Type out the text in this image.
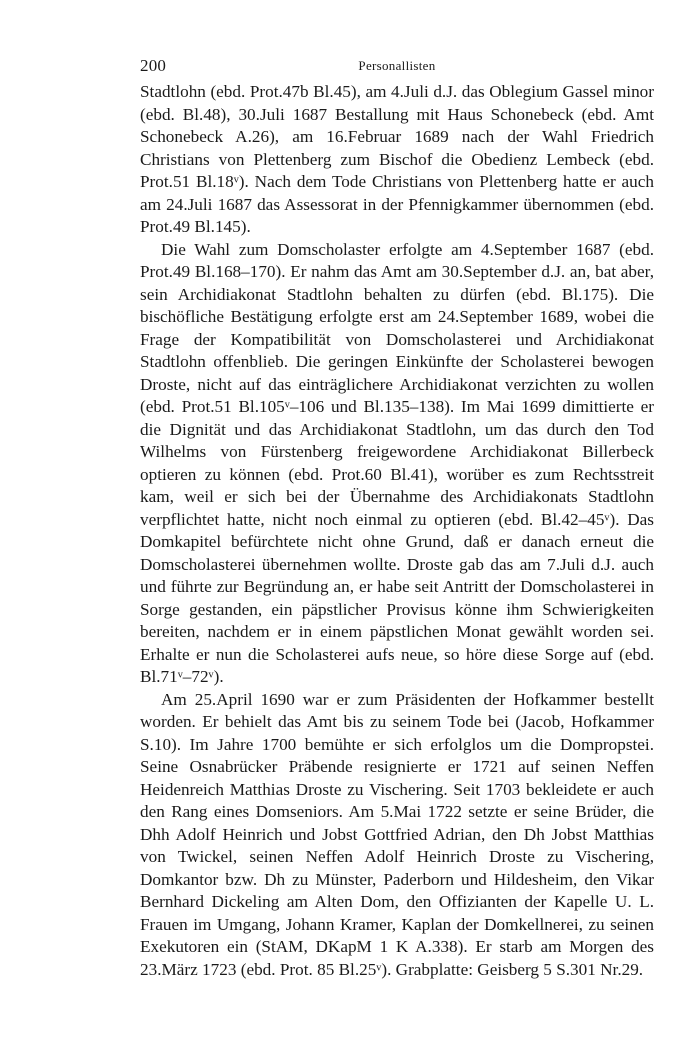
200	Personallisten

Stadtlohn (ebd. Prot.47b Bl.45), am 4.Juli d.J. das Oblegium Gassel minor (ebd. Bl.48), 30.Juli 1687 Bestallung mit Haus Schonebeck (ebd. Amt Schonebeck A.26), am 16.Februar 1689 nach der Wahl Friedrich Christians von Plettenberg zum Bischof die Obedienz Lembeck (ebd. Prot.51 Bl.18ᵛ). Nach dem Tode Christians von Plettenberg hatte er auch am 24.Juli 1687 das Assessorat in der Pfennigkammer übernommen (ebd. Prot.49 Bl.145).

Die Wahl zum Domscholaster erfolgte am 4.September 1687 (ebd. Prot.49 Bl.168–170). Er nahm das Amt am 30.September d.J. an, bat aber, sein Archidiakonat Stadtlohn behalten zu dürfen (ebd. Bl.175). Die bischöfliche Bestätigung erfolgte erst am 24.September 1689, wobei die Frage der Kompatibilität von Domscholasterei und Archidiakonat Stadtlohn offenblieb. Die geringen Einkünfte der Scholasterei bewogen Droste, nicht auf das einträglichere Archidiakonat verzichten zu wollen (ebd. Prot.51 Bl.105ᵛ–106 und Bl.135–138). Im Mai 1699 dimittierte er die Dignität und das Archidiakonat Stadtlohn, um das durch den Tod Wilhelms von Fürstenberg freigewordene Archidiakonat Billerbeck optieren zu können (ebd. Prot.60 Bl.41), worüber es zum Rechtsstreit kam, weil er sich bei der Übernahme des Archidiakonats Stadtlohn verpflichtet hatte, nicht noch einmal zu optieren (ebd. Bl.42–45ᵛ). Das Domkapitel befürchtete nicht ohne Grund, daß er danach erneut die Domscholasterei übernehmen wollte. Droste gab das am 7.Juli d.J. auch und führte zur Begründung an, er habe seit Antritt der Domscholasterei in Sorge gestanden, ein päpstlicher Provisus könne ihm Schwierigkeiten bereiten, nachdem er in einem päpstlichen Monat gewählt worden sei. Erhalte er nun die Scholasterei aufs neue, so höre diese Sorge auf (ebd. Bl.71ᵛ–72ᵛ).

Am 25.April 1690 war er zum Präsidenten der Hofkammer bestellt worden. Er behielt das Amt bis zu seinem Tode bei (Jacob, Hofkammer S.10). Im Jahre 1700 bemühte er sich erfolglos um die Dompropstei. Seine Osnabrücker Präbende resignierte er 1721 auf seinen Neffen Heidenreich Matthias Droste zu Vischering. Seit 1703 bekleidete er auch den Rang eines Domseniors. Am 5.Mai 1722 setzte er seine Brüder, die Dhh Adolf Heinrich und Jobst Gottfried Adrian, den Dh Jobst Matthias von Twickel, seinen Neffen Adolf Heinrich Droste zu Vischering, Domkantor bzw. Dh zu Münster, Paderborn und Hildesheim, den Vikar Bernhard Dickeling am Alten Dom, den Offizianten der Kapelle U. L. Frauen im Umgang, Johann Kramer, Kaplan der Domkellnerei, zu seinen Exekutoren ein (StAM, DKapM 1 K A.338). Er starb am Morgen des 23.März 1723 (ebd. Prot. 85 Bl.25ᵛ). Grabplatte: Geisberg 5 S.301 Nr.29.
